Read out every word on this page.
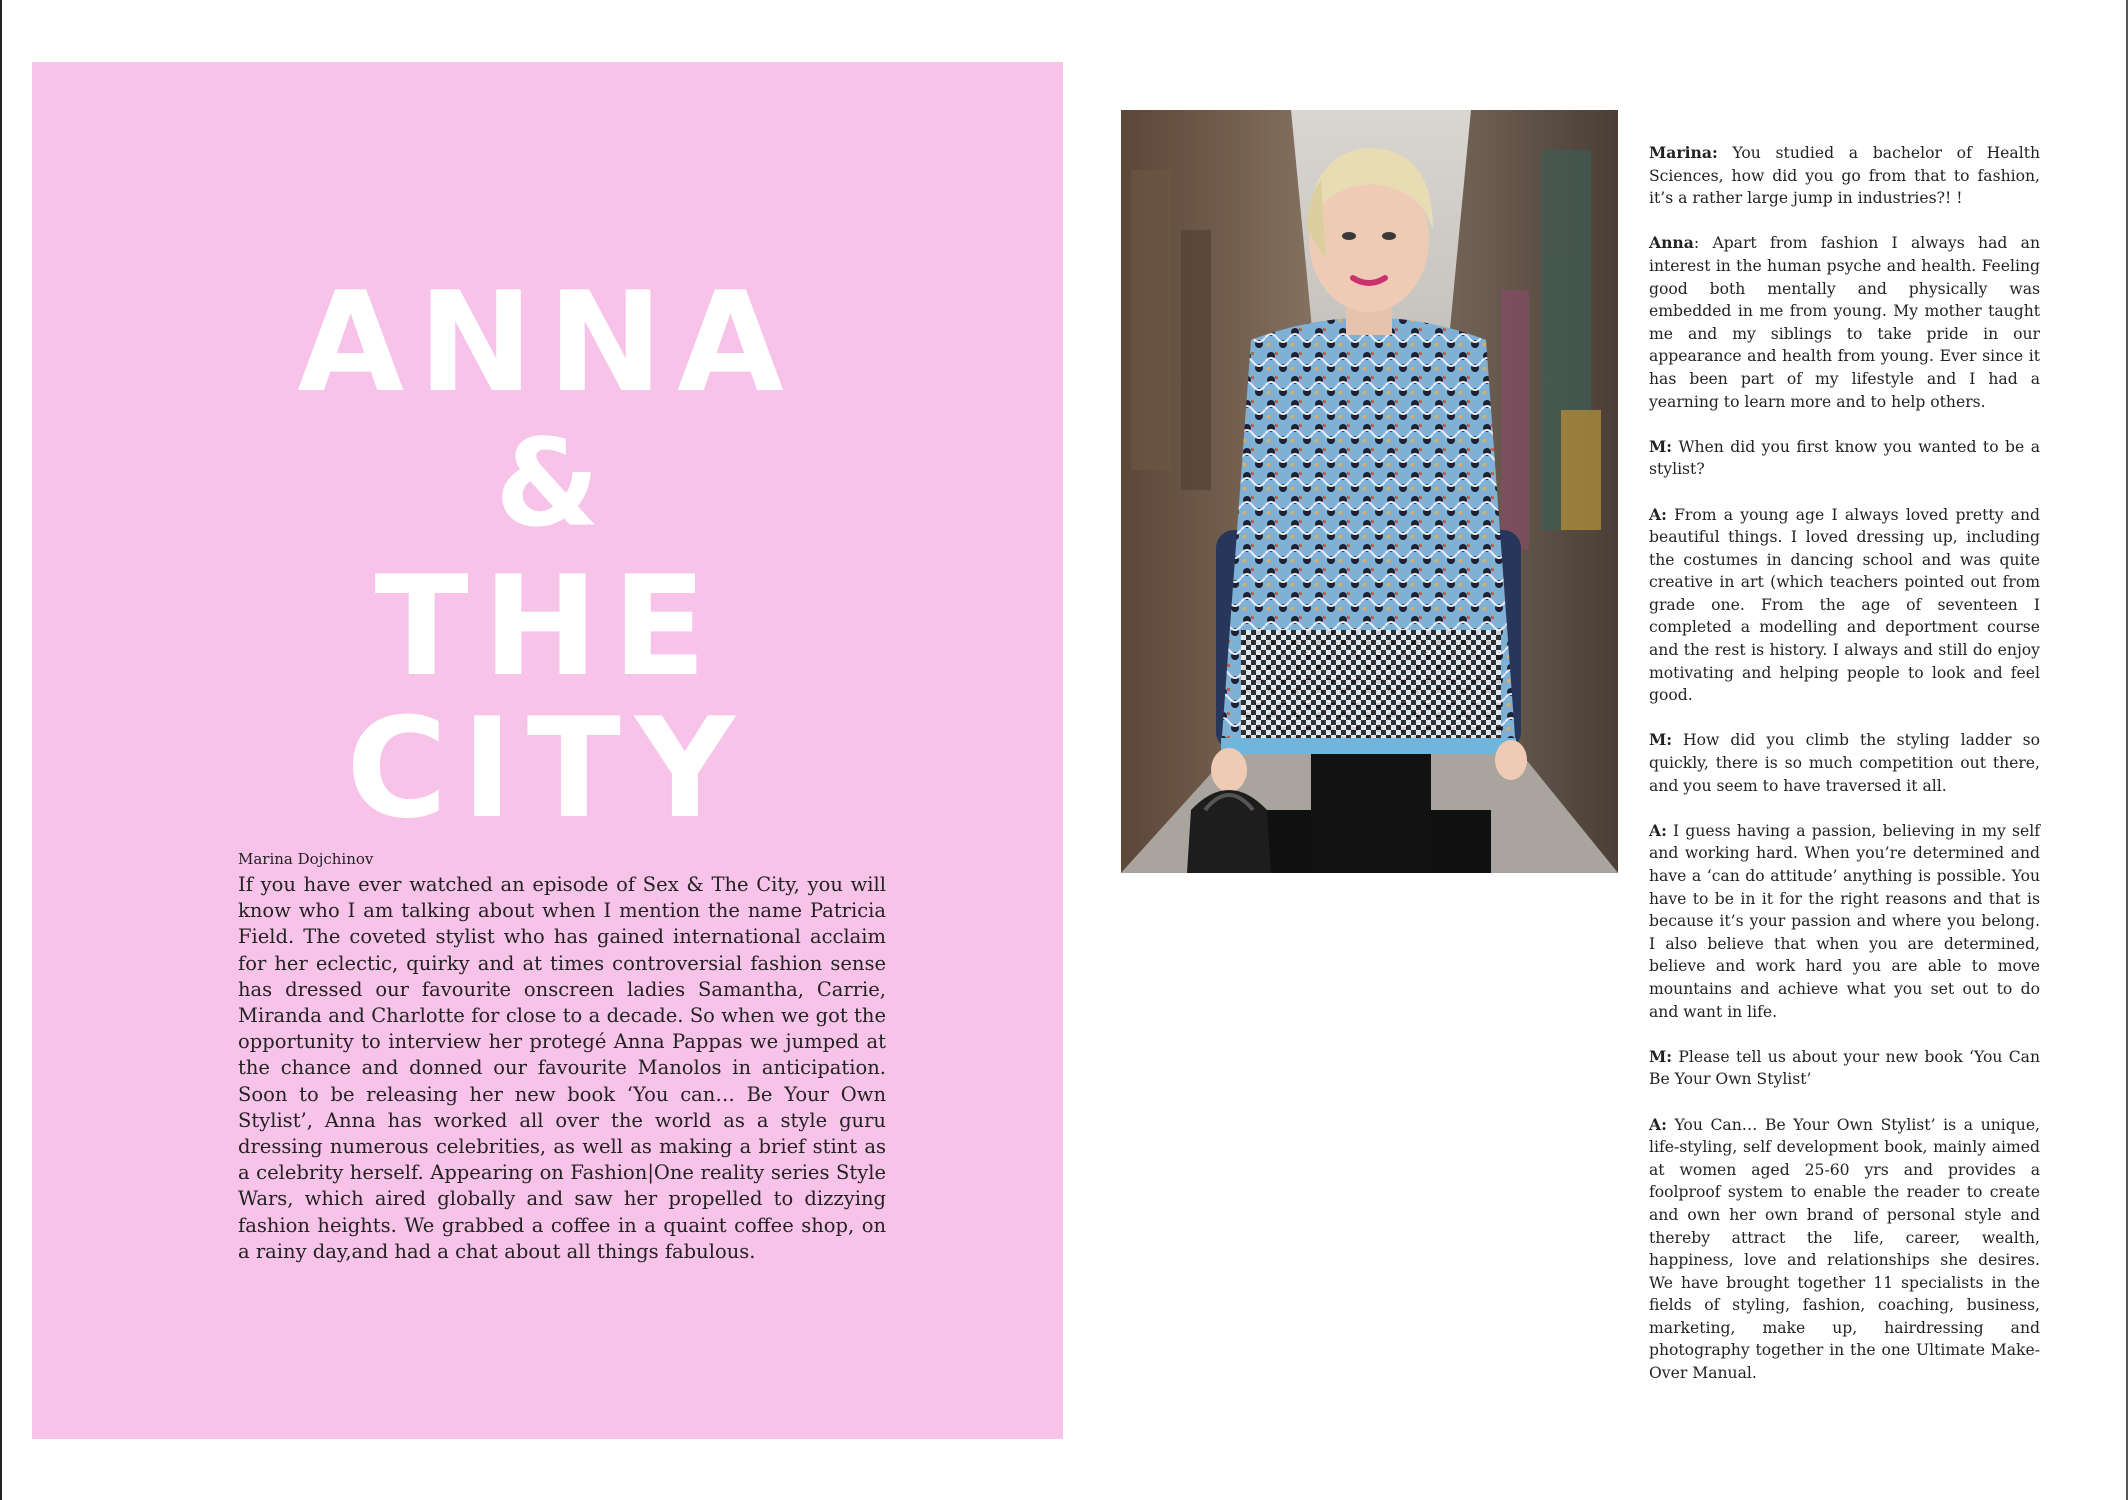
ANNA
&
THE
CITY

Marina Dojchinov

If you have ever watched an episode of Sex & The City, you will know who I am talking about when I mention the name Patricia Field. The coveted stylist who has gained international acclaim for her eclectic, quirky and at times controversial fashion sense has dressed our favourite onscreen ladies Samantha, Carrie, Miranda and Charlotte for close to a decade. So when we got the opportunity to interview her protegé Anna Pappas we jumped at the chance and donned our favourite Manolos in anticipation. Soon to be releasing her new book ‘You can… Be Your Own Stylist’, Anna has worked all over the world as a style guru dressing numerous celebrities, as well as making a brief stint as a celebrity herself. Appearing on Fashion|One reality series Style Wars, which aired globally and saw her propelled to dizzying fashion heights. We grabbed a coffee in a quaint coffee shop, on a rainy day,and had a chat about all things fabulous.

Marina: You studied a bachelor of Health Sciences, how did you go from that to fashion, it’s a rather large jump in industries?! !

Anna: Apart from fashion I always had an interest in the human psyche and health. Feeling good both mentally and physically was embedded in me from young. My mother taught me and my siblings to take pride in our appearance and health from young. Ever since it has been part of my lifestyle and I had a yearning to learn more and to help others.

M: When did you first know you wanted to be a stylist?

A: From a young age I always loved pretty and beautiful things. I loved dressing up, including the costumes in dancing school and was quite creative in art (which teachers pointed out from grade one. From the age of seventeen I completed a modelling and deportment course and the rest is history. I always and still do enjoy motivating and helping people to look and feel good.

M: How did you climb the styling ladder so quickly, there is so much competition out there, and you seem to have traversed it all.

A: I guess having a passion, believing in my self and working hard. When you’re determined and have a ‘can do attitude’ anything is possible. You have to be in it for the right reasons and that is because it’s your passion and where you belong. I also believe that when you are determined, believe and work hard you are able to move mountains and achieve what you set out to do and want in life.

M: Please tell us about your new book ‘You Can Be Your Own Stylist’

A: You Can… Be Your Own Stylist’ is a unique, life-styling, self development book, mainly aimed at women aged 25-60 yrs and provides a foolproof system to enable the reader to create and own her own brand of personal style and thereby attract the life, career, wealth, happiness, love and relationships she desires. We have brought together 11 specialists in the fields of styling, fashion, coaching, business, marketing, make up, hairdressing and photography together in the one Ultimate Make-Over Manual.
